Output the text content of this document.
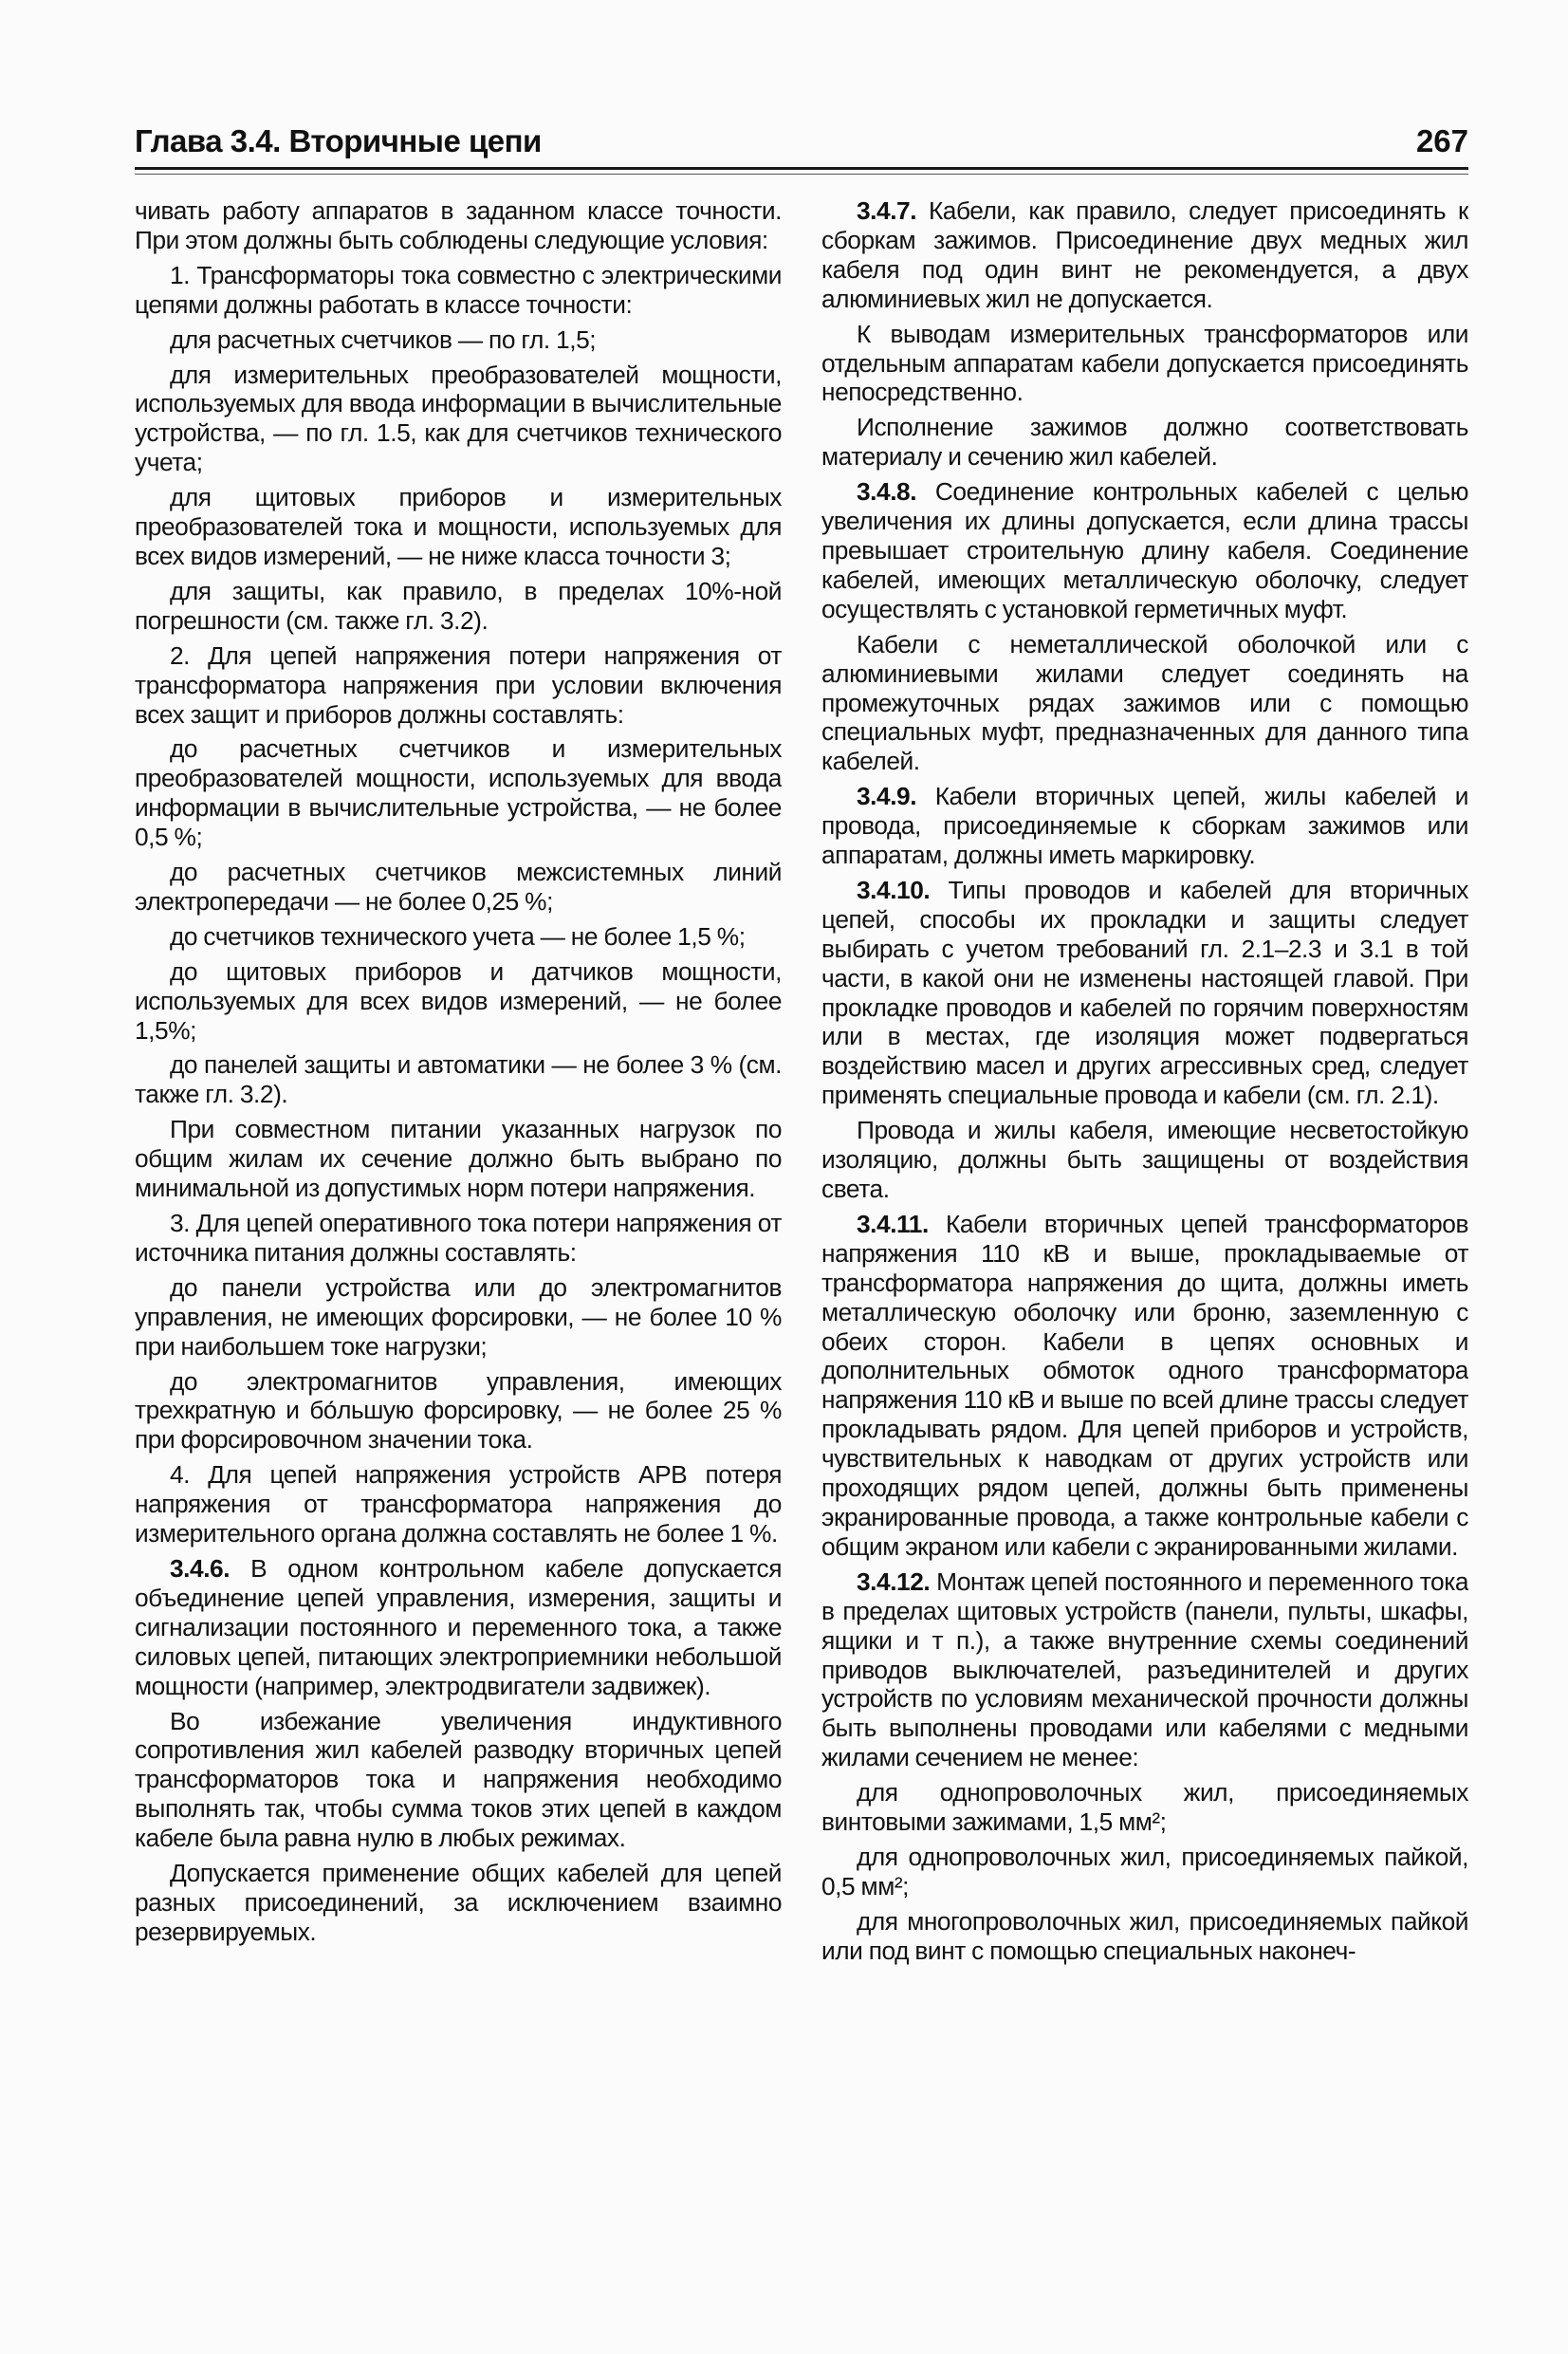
Глава 3.4. Вторичные цепи	267

чивать работу аппаратов в заданном классе точности. При этом должны быть соблюдены следующие условия:

1. Трансформаторы тока совместно с электрическими цепями должны работать в классе точности:

для расчетных счетчиков — по гл. 1,5;

для измерительных преобразователей мощности, используемых для ввода информации в вычислительные устройства, — по гл. 1.5, как для счетчиков технического учета;

для щитовых приборов и измерительных преобразователей тока и мощности, используемых для всех видов измерений, — не ниже класса точности 3;

для защиты, как правило, в пределах 10%-ной погрешности (см. также гл. 3.2).

2. Для цепей напряжения потери напряжения от трансформатора напряжения при условии включения всех защит и приборов должны составлять:

до расчетных счетчиков и измерительных преобразователей мощности, используемых для ввода информации в вычислительные устройства, — не более 0,5 %;

до расчетных счетчиков межсистемных линий электропередачи — не более 0,25 %;

до счетчиков технического учета — не более 1,5 %;

до щитовых приборов и датчиков мощности, используемых для всех видов измерений, — не более 1,5%;

до панелей защиты и автоматики — не более 3 % (см. также гл. 3.2).

При совместном питании указанных нагрузок по общим жилам их сечение должно быть выбрано по минимальной из допустимых норм потери напряжения.

3. Для цепей оперативного тока потери напряжения от источника питания должны составлять:

до панели устройства или до электромагнитов управления, не имеющих форсировки, — не более 10 % при наибольшем токе нагрузки;

до электромагнитов управления, имеющих трехкратную и бо́льшую форсировку, — не более 25 % при форсировочном значении тока.

4. Для цепей напряжения устройств АРВ потеря напряжения от трансформатора напряжения до измерительного органа должна составлять не более 1 %.

3.4.6. В одном контрольном кабеле допускается объединение цепей управления, измерения, защиты и сигнализации постоянного и переменного тока, а также силовых цепей, питающих электроприемники небольшой мощности (например, электродвигатели задвижек).

Во избежание увеличения индуктивного сопротивления жил кабелей разводку вторичных цепей трансформаторов тока и напряжения необходимо выполнять так, чтобы сумма токов этих цепей в каждом кабеле была равна нулю в любых режимах.

Допускается применение общих кабелей для цепей разных присоединений, за исключением взаимно резервируемых.

3.4.7. Кабели, как правило, следует присоединять к сборкам зажимов. Присоединение двух медных жил кабеля под один винт не рекомендуется, а двух алюминиевых жил не допускается.

К выводам измерительных трансформаторов или отдельным аппаратам кабели допускается присоединять непосредственно.

Исполнение зажимов должно соответствовать материалу и сечению жил кабелей.

3.4.8. Соединение контрольных кабелей с целью увеличения их длины допускается, если длина трассы превышает строительную длину кабеля. Соединение кабелей, имеющих металлическую оболочку, следует осуществлять с установкой герметичных муфт.

Кабели с неметаллической оболочкой или с алюминиевыми жилами следует соединять на промежуточных рядах зажимов или с помощью специальных муфт, предназначенных для данного типа кабелей.

3.4.9. Кабели вторичных цепей, жилы кабелей и провода, присоединяемые к сборкам зажимов или аппаратам, должны иметь маркировку.

3.4.10. Типы проводов и кабелей для вторичных цепей, способы их прокладки и защиты следует выбирать с учетом требований гл. 2.1–2.3 и 3.1 в той части, в какой они не изменены настоящей главой. При прокладке проводов и кабелей по горячим поверхностям или в местах, где изоляция может подвергаться воздействию масел и других агрессивных сред, следует применять специальные провода и кабели (см. гл. 2.1).

Провода и жилы кабеля, имеющие несветостойкую изоляцию, должны быть защищены от воздействия света.

3.4.11. Кабели вторичных цепей трансформаторов напряжения 110 кВ и выше, прокладываемые от трансформатора напряжения до щита, должны иметь металлическую оболочку или броню, заземленную с обеих сторон. Кабели в цепях основных и дополнительных обмоток одного трансформатора напряжения 110 кВ и выше по всей длине трассы следует прокладывать рядом. Для цепей приборов и устройств, чувствительных к наводкам от других устройств или проходящих рядом цепей, должны быть применены экранированные провода, а также контрольные кабели с общим экраном или кабели с экранированными жилами.

3.4.12. Монтаж цепей постоянного и переменного тока в пределах щитовых устройств (панели, пульты, шкафы, ящики и т п.), а также внутренние схемы соединений приводов выключателей, разъединителей и других устройств по условиям механической прочности должны быть выполнены проводами или кабелями с медными жилами сечением не менее:

для однопроволочных жил, присоединяемых винтовыми зажимами, 1,5 мм²;

для однопроволочных жил, присоединяемых пайкой, 0,5 мм²;

для многопроволочных жил, присоединяемых пайкой или под винт с помощью специальных наконеч-
